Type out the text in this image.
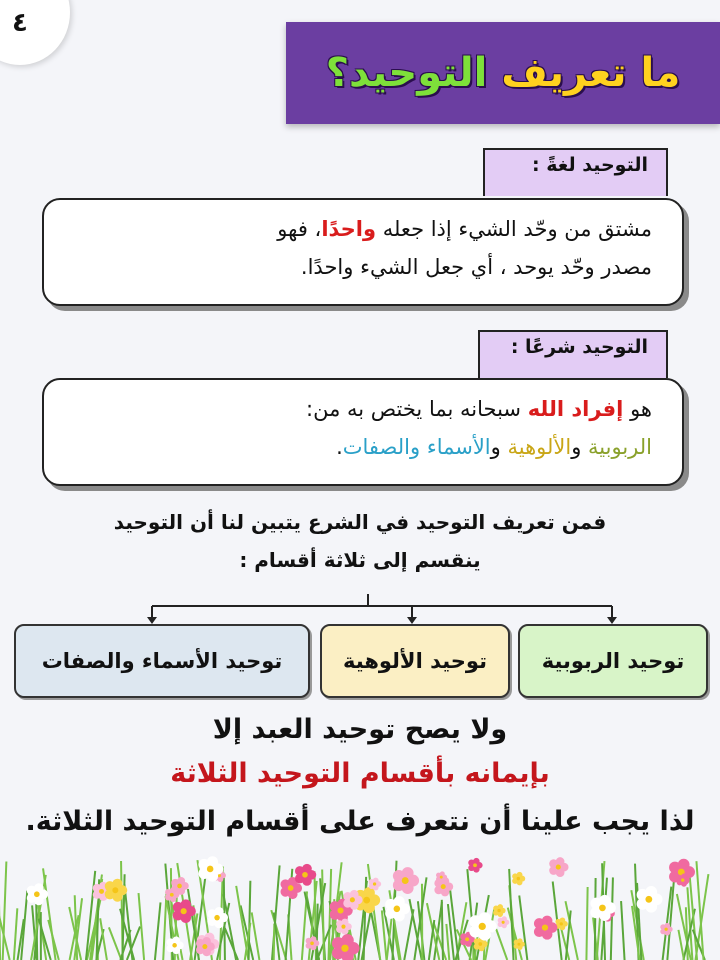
٤
ما تعريف
التوحيد؟
التوحيد لغةً :
مشتق من وحّد الشيء إذا جعله واحدًا، فهو
مصدر وحّد يوحد ، أي جعل الشيء واحدًا.
التوحيد شرعًا :
هو إفراد الله سبحانه بما يختص به من:
الربوبية والألوهية والأسماء والصفات.
فمن تعريف التوحيد في الشرع يتبين لنا أن التوحيد
ينقسم إلى ثلاثة أقسام :
توحيد الربوبية
توحيد الألوهية
توحيد الأسماء والصفات
ولا يصح توحيد العبد إلا
بإيمانه بأقسام التوحيد الثلاثة
لذا يجب علينا أن نتعرف على أقسام التوحيد الثلاثة.
